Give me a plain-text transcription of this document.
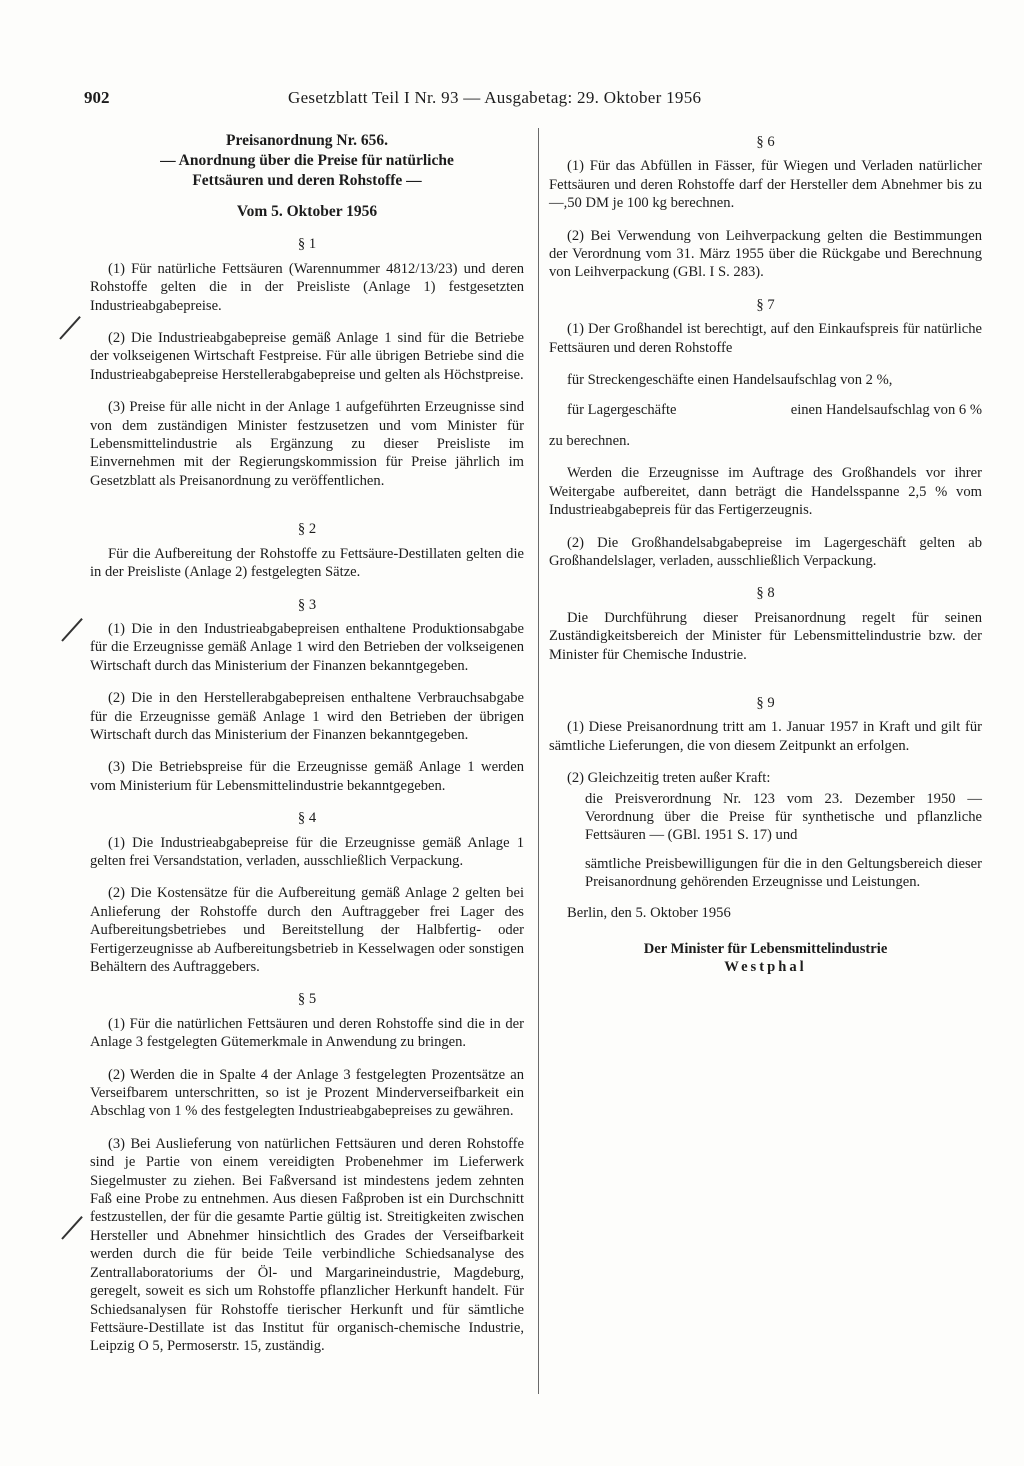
902	Gesetzblatt Teil I Nr. 93 — Ausgabetag: 29. Oktober 1956
Preisanordnung Nr. 656.
— Anordnung über die Preise für natürliche
Fettsäuren und deren Rohstoffe —
Vom 5. Oktober 1956
§ 1

(1) Für natürliche Fettsäuren (Warennummer 4812/13/23) und deren Rohstoffe gelten die in der Preisliste (Anlage 1) festgesetzten Industrieabgabepreise.

(2) Die Industrieabgabepreise gemäß Anlage 1 sind für die Betriebe der volkseigenen Wirtschaft Festpreise. Für alle übrigen Betriebe sind die Industrieabgabepreise Herstellerabgabepreise und gelten als Höchstpreise.

(3) Preise für alle nicht in der Anlage 1 aufgeführten Erzeugnisse sind von dem zuständigen Minister festzusetzen und vom Minister für Lebensmittelindustrie als Ergänzung zu dieser Preisliste im Einvernehmen mit der Regierungskommission für Preise jährlich im Gesetzblatt als Preisanordnung zu veröffentlichen.

§ 2

Für die Aufbereitung der Rohstoffe zu Fettsäure-Destillaten gelten die in der Preisliste (Anlage 2) festgelegten Sätze.

§ 3

(1) Die in den Industrieabgabepreisen enthaltene Produktionsabgabe für die Erzeugnisse gemäß Anlage 1 wird den Betrieben der volkseigenen Wirtschaft durch das Ministerium der Finanzen bekanntgegeben.

(2) Die in den Herstellerabgabepreisen enthaltene Verbrauchsabgabe für die Erzeugnisse gemäß Anlage 1 wird den Betrieben der übrigen Wirtschaft durch das Ministerium der Finanzen bekanntgegeben.

(3) Die Betriebspreise für die Erzeugnisse gemäß Anlage 1 werden vom Ministerium für Lebensmittelindustrie bekanntgegeben.

§ 4

(1) Die Industrieabgabepreise für die Erzeugnisse gemäß Anlage 1 gelten frei Versandstation, verladen, ausschließlich Verpackung.

(2) Die Kostensätze für die Aufbereitung gemäß Anlage 2 gelten bei Anlieferung der Rohstoffe durch den Auftraggeber frei Lager des Aufbereitungsbetriebes und Bereitstellung der Halbfertig- oder Fertigerzeugnisse ab Aufbereitungsbetrieb in Kesselwagen oder sonstigen Behältern des Auftraggebers.

§ 5

(1) Für die natürlichen Fettsäuren und deren Rohstoffe sind die in der Anlage 3 festgelegten Gütemerkmale in Anwendung zu bringen.

(2) Werden die in Spalte 4 der Anlage 3 festgelegten Prozentsätze an Verseifbarem unterschritten, so ist je Prozent Minderverseifbarkeit ein Abschlag von 1 % des festgelegten Industrieabgabepreises zu gewähren.

(3) Bei Auslieferung von natürlichen Fettsäuren und deren Rohstoffe sind je Partie von einem vereidigten Probenehmer im Lieferwerk Siegelmuster zu ziehen. Bei Faßversand ist mindestens jedem zehnten Faß eine Probe zu entnehmen. Aus diesen Faßproben ist ein Durchschnitt festzustellen, der für die gesamte Partie gültig ist. Streitigkeiten zwischen Hersteller und Abnehmer hinsichtlich des Grades der Verseifbarkeit werden durch die für beide Teile verbindliche Schiedsanalyse des Zentrallaboratoriums der Öl- und Margarineindustrie, Magdeburg, geregelt, soweit es sich um Rohstoffe pflanzlicher Herkunft handelt. Für Schiedsanalysen für Rohstoffe tierischer Herkunft und für sämtliche Fettsäure-Destillate ist das Institut für organisch-chemische Industrie, Leipzig O 5, Permoserstr. 15, zuständig.

§ 6

(1) Für das Abfüllen in Fässer, für Wiegen und Verladen natürlicher Fettsäuren und deren Rohstoffe darf der Hersteller dem Abnehmer bis zu —,50 DM je 100 kg berechnen.

(2) Bei Verwendung von Leihverpackung gelten die Bestimmungen der Verordnung vom 31. März 1955 über die Rückgabe und Berechnung von Leihverpackung (GBl. I S. 283).

§ 7

(1) Der Großhandel ist berechtigt, auf den Einkaufspreis für natürliche Fettsäuren und deren Rohstoffe

für Streckengeschäfte einen Handelsaufschlag von 2 %,
für Lagergeschäfte	einen Handelsaufschlag von 6 %

zu berechnen.

Werden die Erzeugnisse im Auftrage des Großhandels vor ihrer Weitergabe aufbereitet, dann beträgt die Handelsspanne 2,5 % vom Industrieabgabepreis für das Fertigerzeugnis.

(2) Die Großhandelsabgabepreise im Lagergeschäft gelten ab Großhandelslager, verladen, ausschließlich Verpackung.

§ 8

Die Durchführung dieser Preisanordnung regelt für seinen Zuständigkeitsbereich der Minister für Lebensmittelindustrie bzw. der Minister für Chemische Industrie.

§ 9

(1) Diese Preisanordnung tritt am 1. Januar 1957 in Kraft und gilt für sämtliche Lieferungen, die von diesem Zeitpunkt an erfolgen.

(2) Gleichzeitig treten außer Kraft:

die Preisverordnung Nr. 123 vom 23. Dezember 1950 — Verordnung über die Preise für synthetische und pflanzliche Fettsäuren — (GBl. 1951 S. 17) und

sämtliche Preisbewilligungen für die in den Geltungsbereich dieser Preisanordnung gehörenden Erzeugnisse und Leistungen.

Berlin, den 5. Oktober 1956

Der Minister für Lebensmittelindustrie
Westphal
